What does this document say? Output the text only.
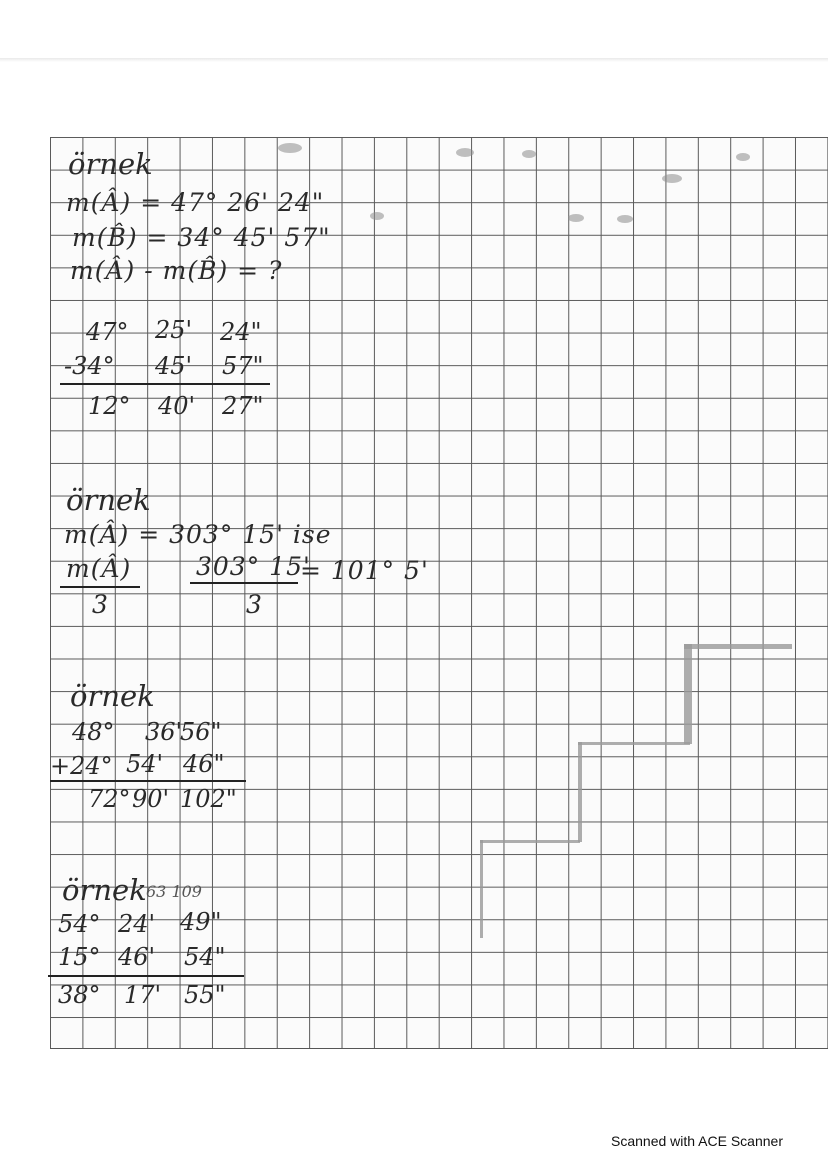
örnek
m(Â) = 47° 26' 24"
m(B̂) = 34° 45' 57"
m(Â) - m(B̂) = ?
47° 25' 24"
-34° 45' 57"
12° 40' 27"
örnek
m(Â) = 303° 15' ise
m(Â)
3
303° 15'
3
= 101° 5'
örnek
48° 36'
56"
+24° 54' 46"
72° 90' 102"
örnek 63 109
54° 24' 49"
15° 46' 54"
38° 17' 55"
Scanned with ACE Scanner
